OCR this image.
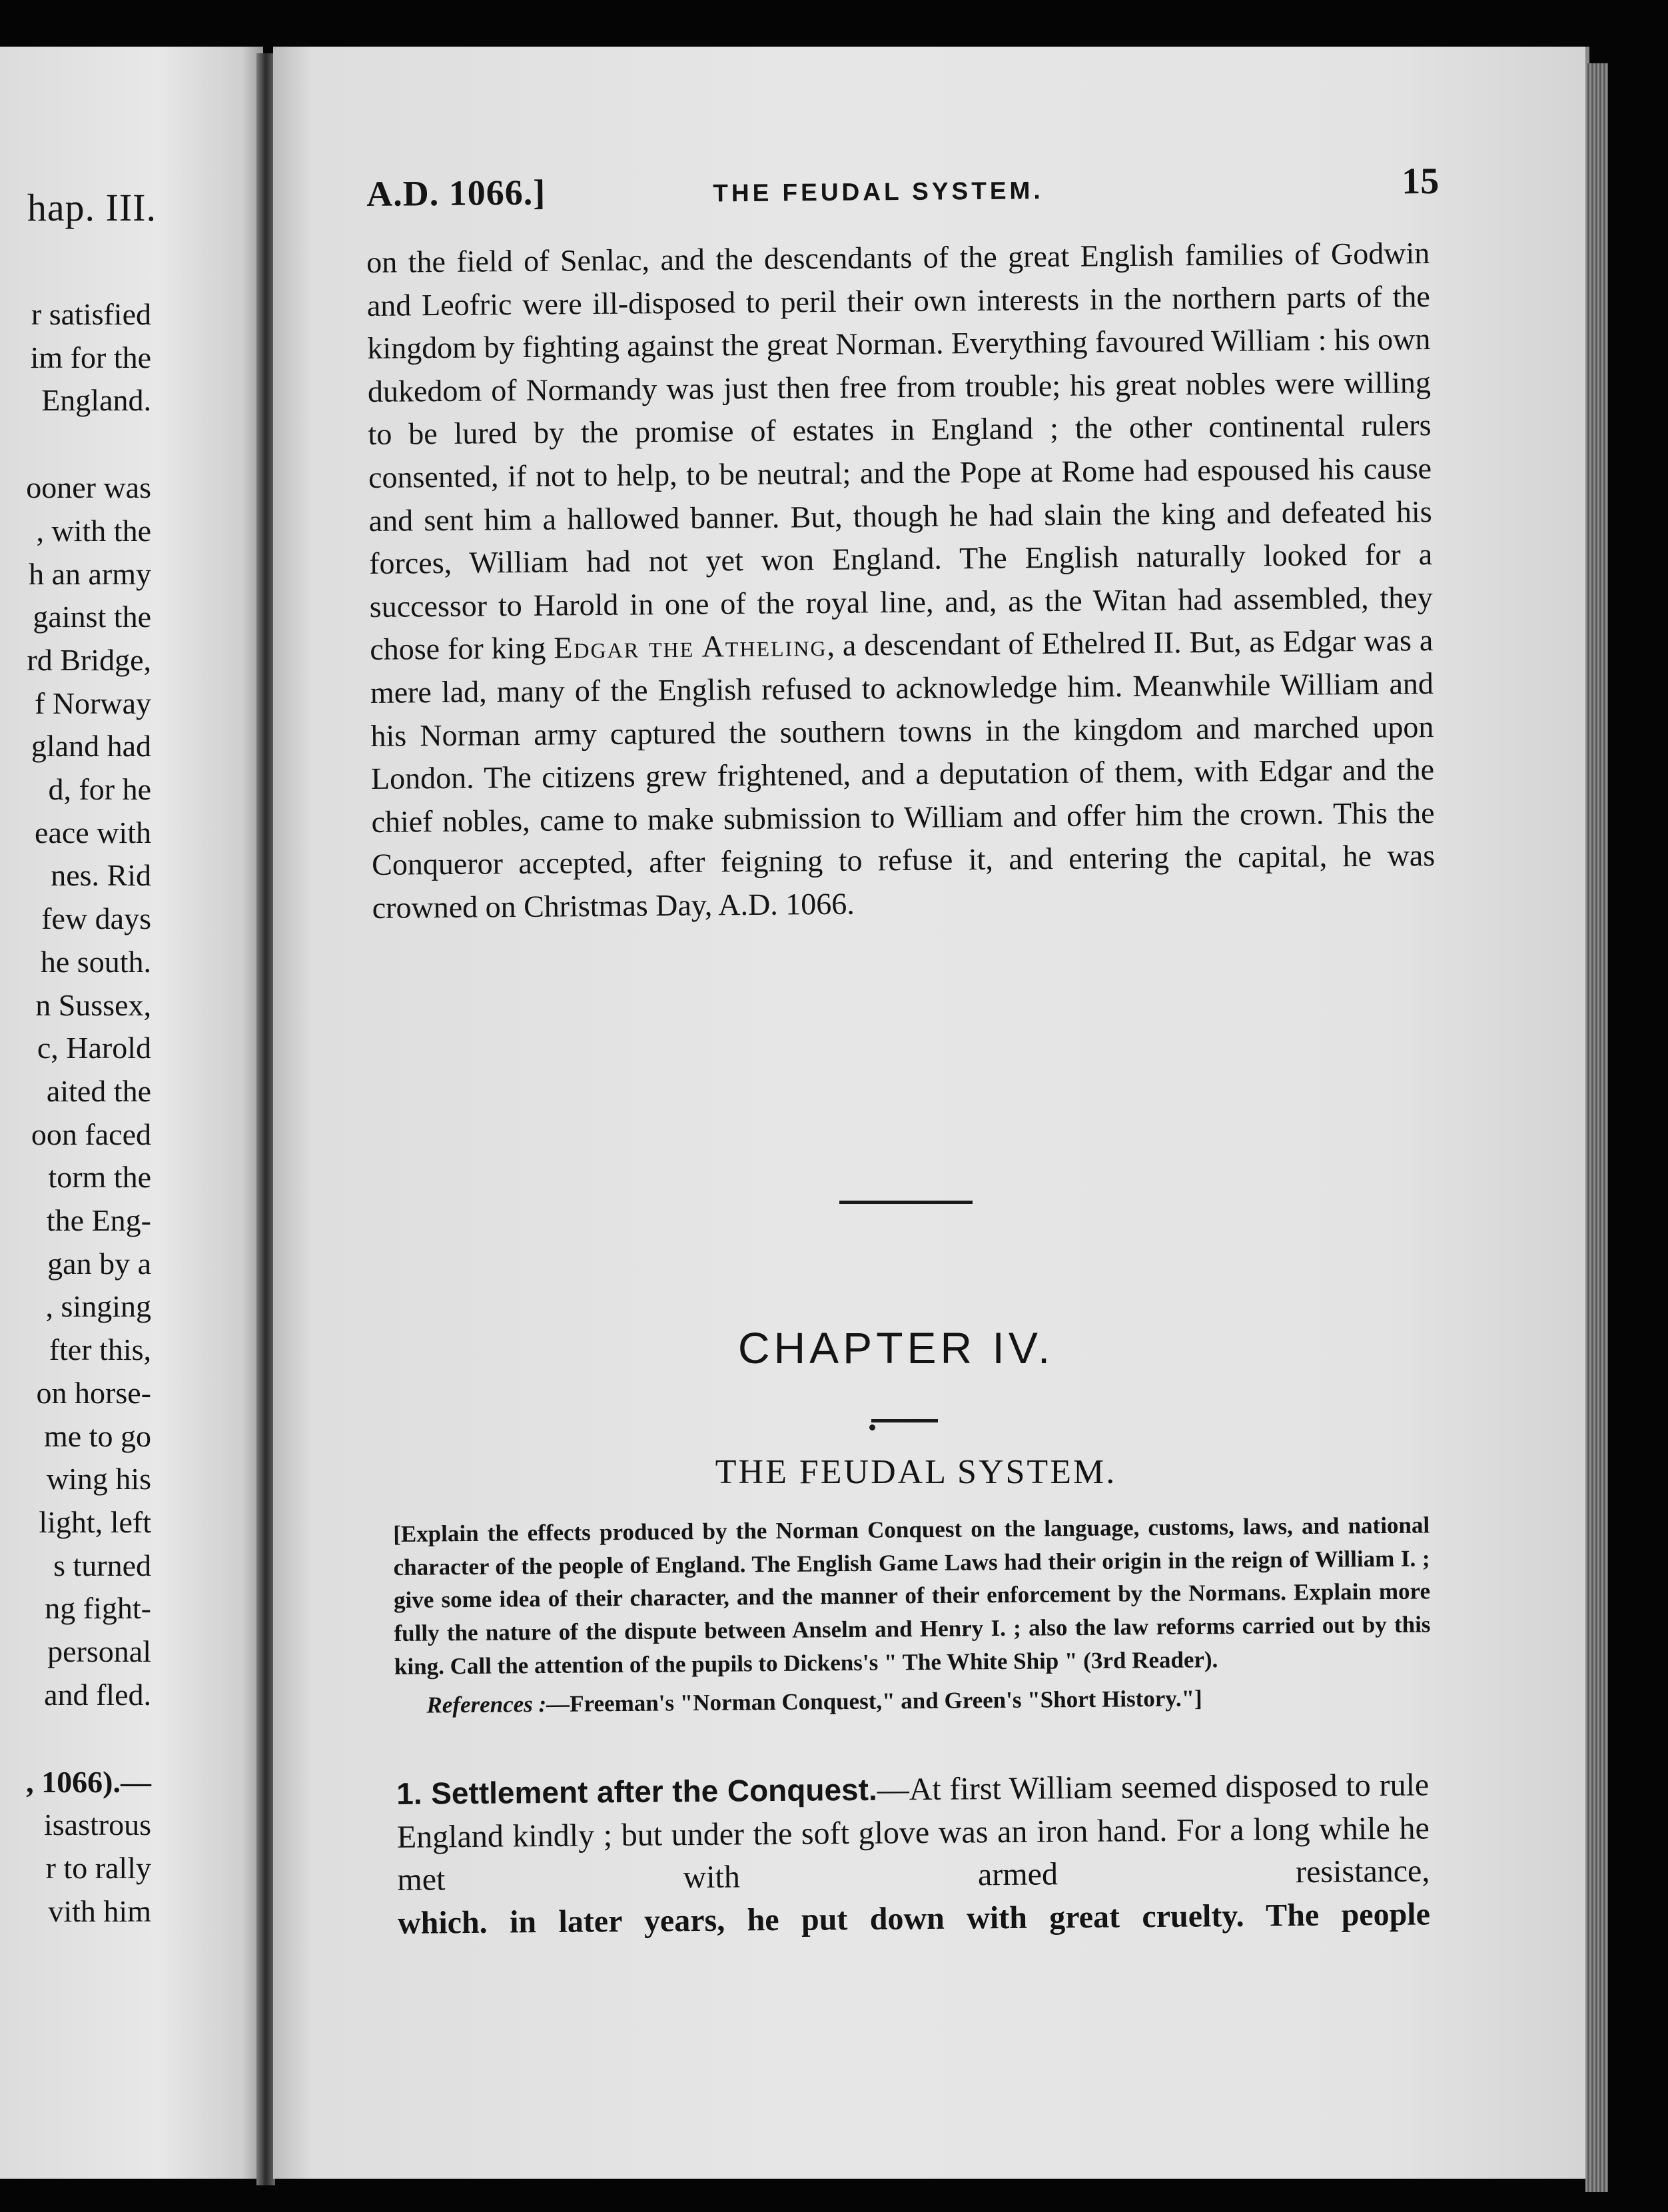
hap. III.
r satisfied
im for the
England.
ooner was
, with the
h an army
gainst the
rd Bridge,
f Norway
gland had
d, for he
eace with
nes. Rid
few days
he south.
n Sussex,
c, Harold
aited the
oon faced
torm the
the Eng-
gan by a
, singing
fter this,
on horse-
me to go
wing his
light, left
s turned
ng fight-
personal
and fled.
, 1066).—
isastrous
r to rally
vith him
A.D. 1066.]	THE FEUDAL SYSTEM.	15

on the field of Senlac, and the descendants of the great English families of Godwin and Leofric were ill-disposed to peril their own interests in the northern parts of the kingdom by fighting against the great Norman. Everything favoured William : his own dukedom of Normandy was just then free from trouble; his great nobles were willing to be lured by the promise of estates in England ; the other continental rulers consented, if not to help, to be neutral; and the Pope at Rome had espoused his cause and sent him a hallowed banner. But, though he had slain the king and defeated his forces, William had not yet won England. The English naturally looked for a successor to Harold in one of the royal line, and, as the Witan had assembled, they chose for king Edgar the Atheling, a descendant of Ethelred II. But, as Edgar was a mere lad, many of the English refused to acknowledge him. Meanwhile William and his Norman army captured the southern towns in the kingdom and marched upon London. The citizens grew frightened, and a deputation of them, with Edgar and the chief nobles, came to make submission to William and offer him the crown. This the Conqueror accepted, after feigning to refuse it, and entering the capital, he was crowned on Christmas Day, A.D. 1066.

CHAPTER IV.
THE FEUDAL SYSTEM.

[Explain the effects produced by the Norman Conquest on the language, customs, laws, and national character of the people of England. The English Game Laws had their origin in the reign of William I. ; give some idea of their character, and the manner of their enforcement by the Normans. Explain more fully the nature of the dispute between Anselm and Henry I. ; also the law reforms carried out by this king. Call the attention of the pupils to Dickens's " The White Ship " (3rd Reader).

References :—Freeman's "Norman Conquest," and Green's "Short History."]

1. Settlement after the Conquest.—At first William seemed disposed to rule England kindly ; but under the soft glove was an iron hand. For a long while he met with armed resistance,

which. in later years, he put down with great cruelty. The people
